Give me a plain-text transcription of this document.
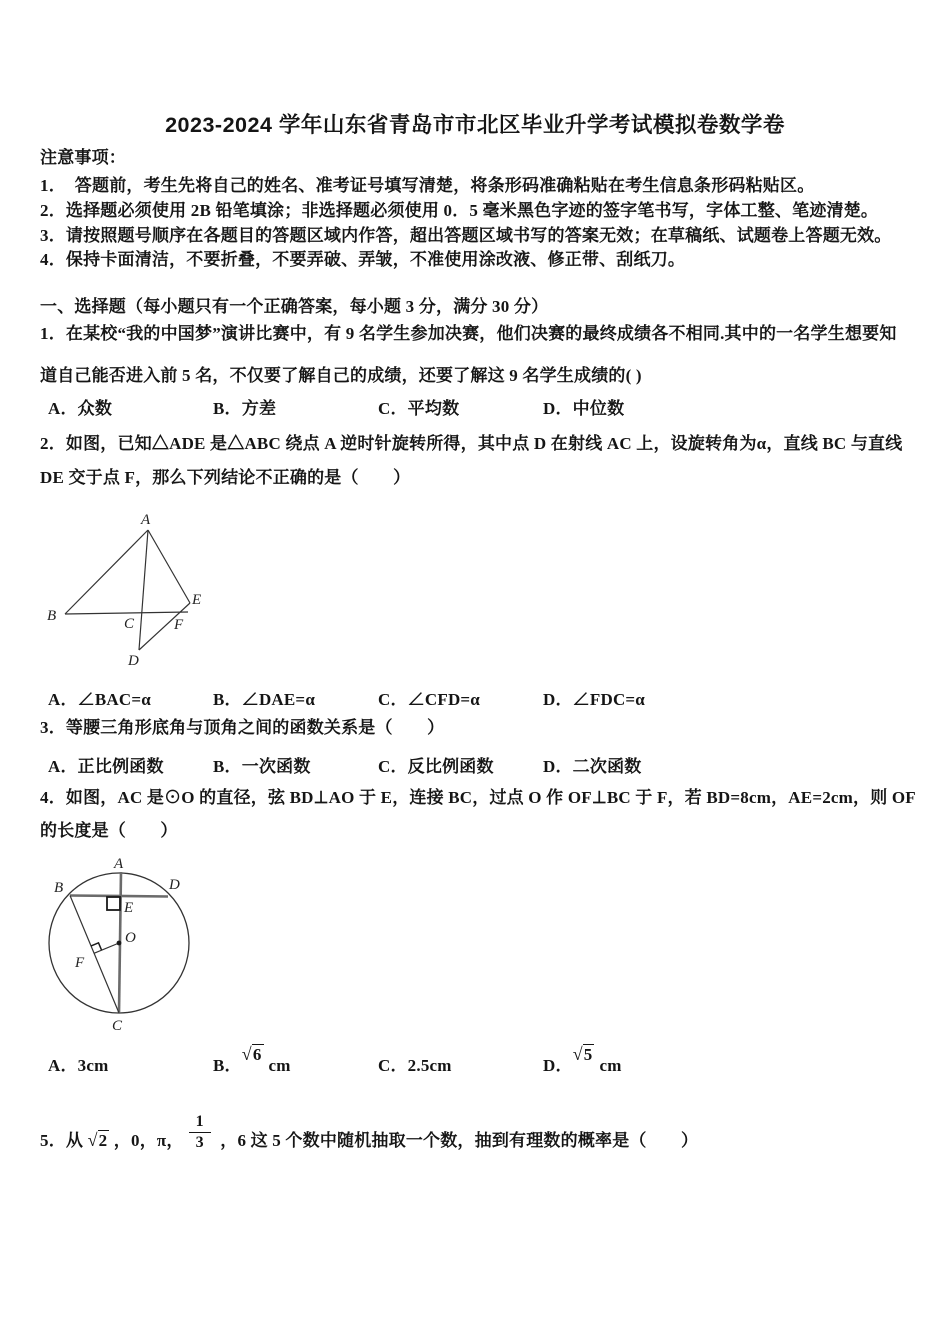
2023-2024 学年山东省青岛市市北区毕业升学考试模拟卷数学卷
注意事项：
1．  答题前，考生先将自己的姓名、准考证号填写清楚，将条形码准确粘贴在考生信息条形码粘贴区。
2．选择题必须使用 2B 铅笔填涂；非选择题必须使用 0．5 毫米黑色字迹的签字笔书写，字体工整、笔迹清楚。
3．请按照题号顺序在各题目的答题区域内作答，超出答题区域书写的答案无效；在草稿纸、试题卷上答题无效。
4．保持卡面清洁，不要折叠，不要弄破、弄皱，不准使用涂改液、修正带、刮纸刀。
一、选择题（每小题只有一个正确答案，每小题 3 分，满分 30 分）
1．在某校“我的中国梦”演讲比赛中，有 9 名学生参加决赛，他们决赛的最终成绩各不相同.其中的一名学生想要知
道自己能否进入前 5 名，不仅要了解自己的成绩，还要了解这 9 名学生成绩的( )
A．众数	B．方差	C．平均数	D．中位数
2．如图，已知△ADE 是△ABC 绕点 A 逆时针旋转所得，其中点 D 在射线 AC 上，设旋转角为α，直线 BC 与直线
DE 交于点 F，那么下列结论不正确的是（　　）
A
B	C
D
E
F
A．∠BAC=α	B．∠DAE=α	C．∠CFD=α	D．∠FDC=α
3．等腰三角形底角与顶角之间的函数关系是（　　）
A．正比例函数	B．一次函数	C．反比例函数	D．二次函数
4．如图，AC 是⊙O 的直径，弦 BD⊥AO 于 E，连接 BC，过点 O 作 OF⊥BC 于 F，若 BD=8cm，AE=2cm，则 OF
的长度是（　　）
A
B	D
E
O
F
C
A．3cm	B．√6cm	C．2.5cm	D．√5cm
5．从 √2 ，0，π， $\frac{1}{3}$ ，6 这 5 个数中随机抽取一个数，抽到有理数的概率是（　　）
